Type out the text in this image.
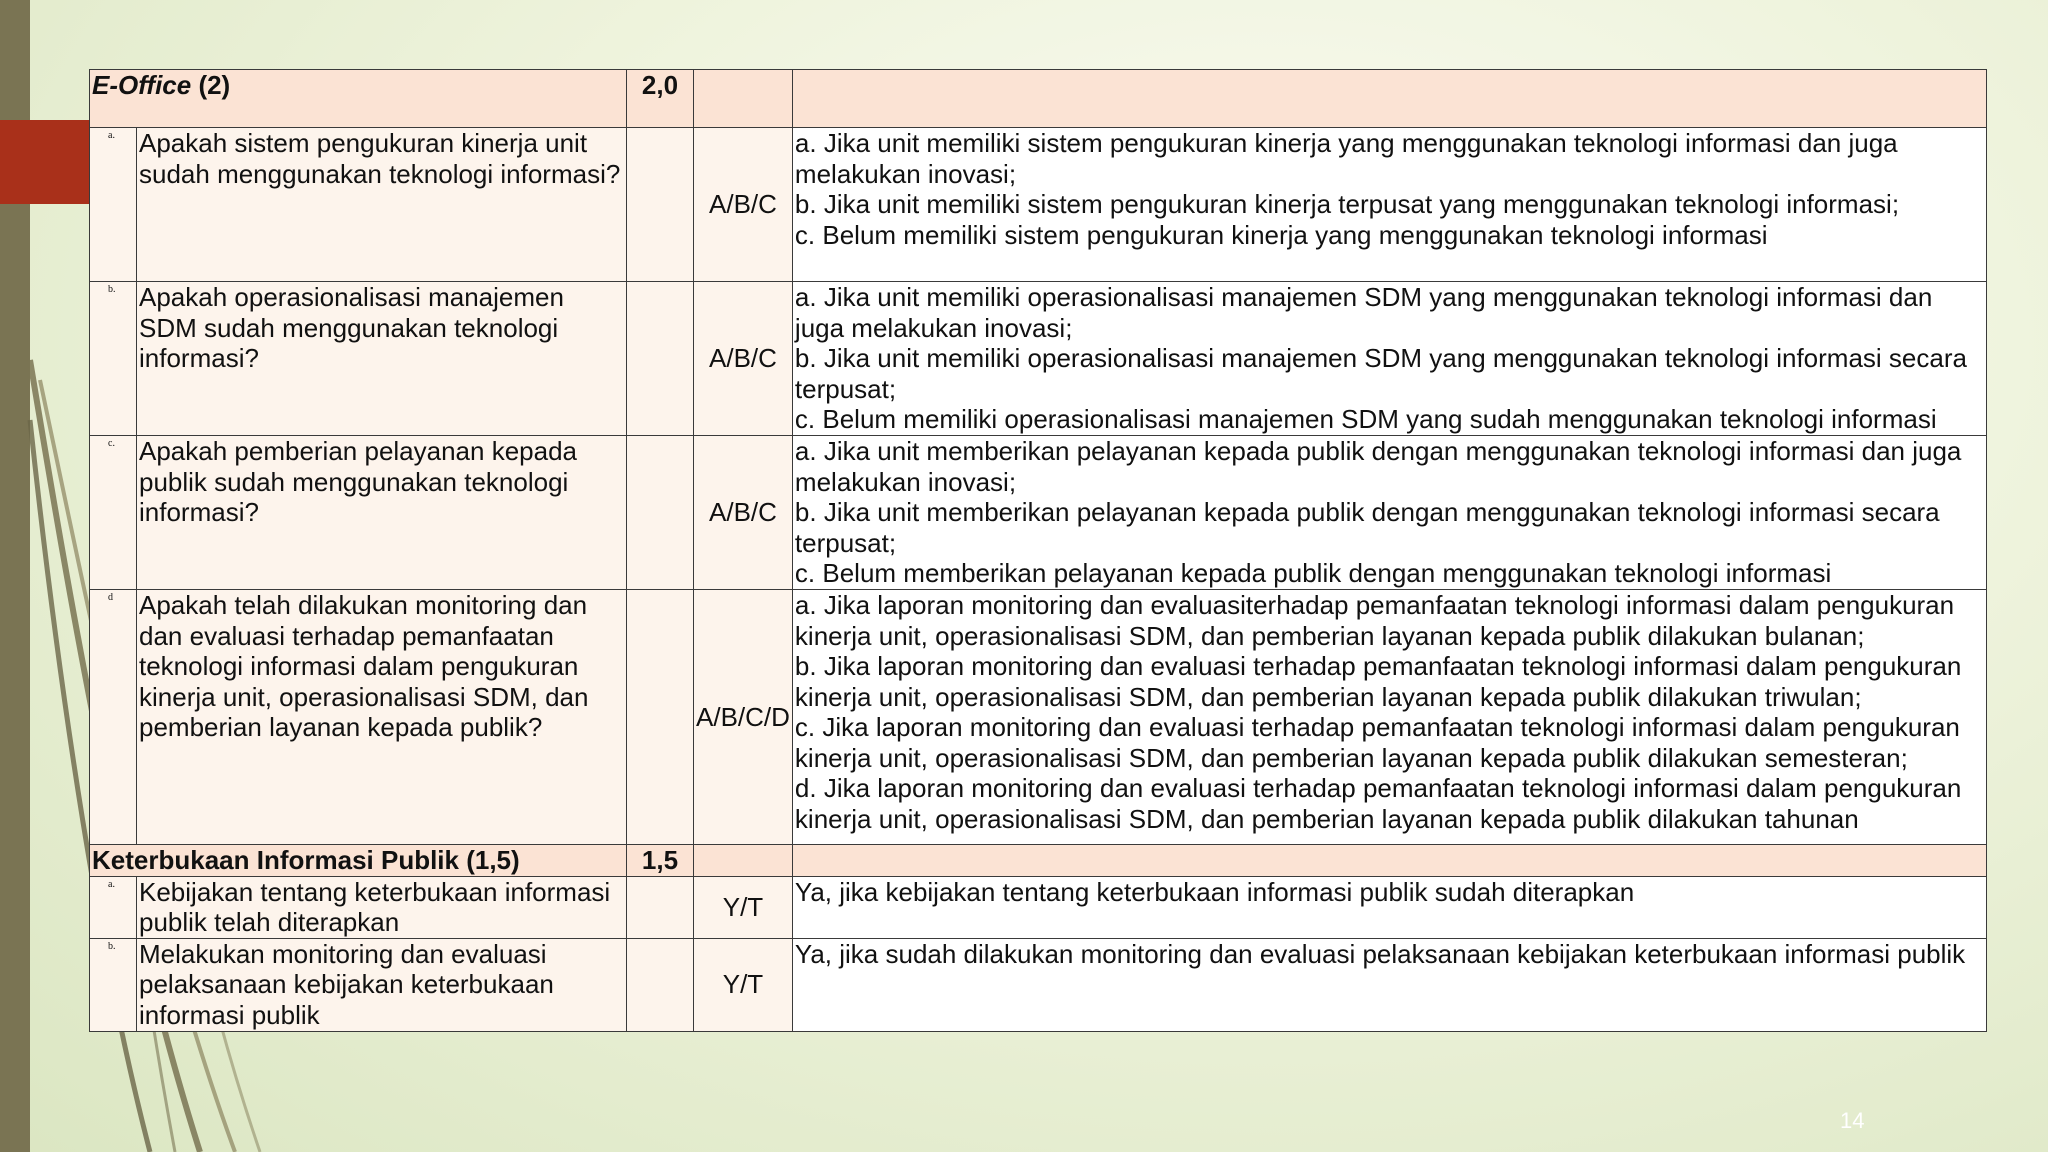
E-Office (2)		2,0		
a.	Apakah sistem pengukuran kinerja unit sudah menggunakan teknologi informasi?		A/B/C	a. Jika unit memiliki sistem pengukuran kinerja yang menggunakan teknologi informasi dan juga melakukan inovasi;
b. Jika unit memiliki sistem pengukuran kinerja terpusat yang menggunakan teknologi informasi;
c. Belum memiliki sistem pengukuran kinerja yang menggunakan teknologi informasi

b.	Apakah operasionalisasi manajemen SDM sudah menggunakan teknologi informasi?		A/B/C	a. Jika unit memiliki operasionalisasi manajemen SDM yang menggunakan teknologi informasi dan juga melakukan inovasi;
b. Jika unit memiliki operasionalisasi manajemen SDM yang menggunakan teknologi informasi secara terpusat;
c. Belum memiliki operasionalisasi manajemen SDM yang sudah menggunakan teknologi informasi

c.	Apakah pemberian pelayanan kepada publik sudah menggunakan teknologi informasi?		A/B/C	a. Jika unit memberikan pelayanan kepada publik dengan menggunakan teknologi informasi dan juga melakukan inovasi;
b. Jika unit memberikan pelayanan kepada publik dengan menggunakan teknologi informasi secara terpusat;
c. Belum memberikan pelayanan kepada publik dengan menggunakan teknologi informasi

d	Apakah telah dilakukan monitoring dan dan evaluasi terhadap pemanfaatan teknologi informasi dalam pengukuran kinerja unit, operasionalisasi SDM, dan pemberian layanan kepada publik?		A/B/C/D	a. Jika laporan monitoring dan evaluasiterhadap pemanfaatan teknologi informasi dalam pengukuran kinerja unit, operasionalisasi SDM, dan pemberian layanan kepada publik dilakukan bulanan;
b. Jika laporan monitoring dan evaluasi terhadap pemanfaatan teknologi informasi dalam pengukuran kinerja unit, operasionalisasi SDM, dan pemberian layanan kepada publik dilakukan triwulan;
c. Jika laporan monitoring dan evaluasi terhadap pemanfaatan teknologi informasi dalam pengukuran kinerja unit, operasionalisasi SDM, dan pemberian layanan kepada publik dilakukan semesteran;
d. Jika laporan monitoring dan evaluasi terhadap pemanfaatan teknologi informasi dalam pengukuran kinerja unit, operasionalisasi SDM, dan pemberian layanan kepada publik dilakukan tahunan

Keterbukaan Informasi Publik (1,5)		1,5		
a.	Kebijakan tentang keterbukaan informasi publik telah diterapkan		Y/T	Ya, jika kebijakan tentang keterbukaan informasi publik sudah diterapkan

b.	Melakukan monitoring dan evaluasi pelaksanaan kebijakan keterbukaan informasi publik		Y/T	Ya, jika sudah dilakukan monitoring dan evaluasi pelaksanaan kebijakan keterbukaan informasi publik
14
